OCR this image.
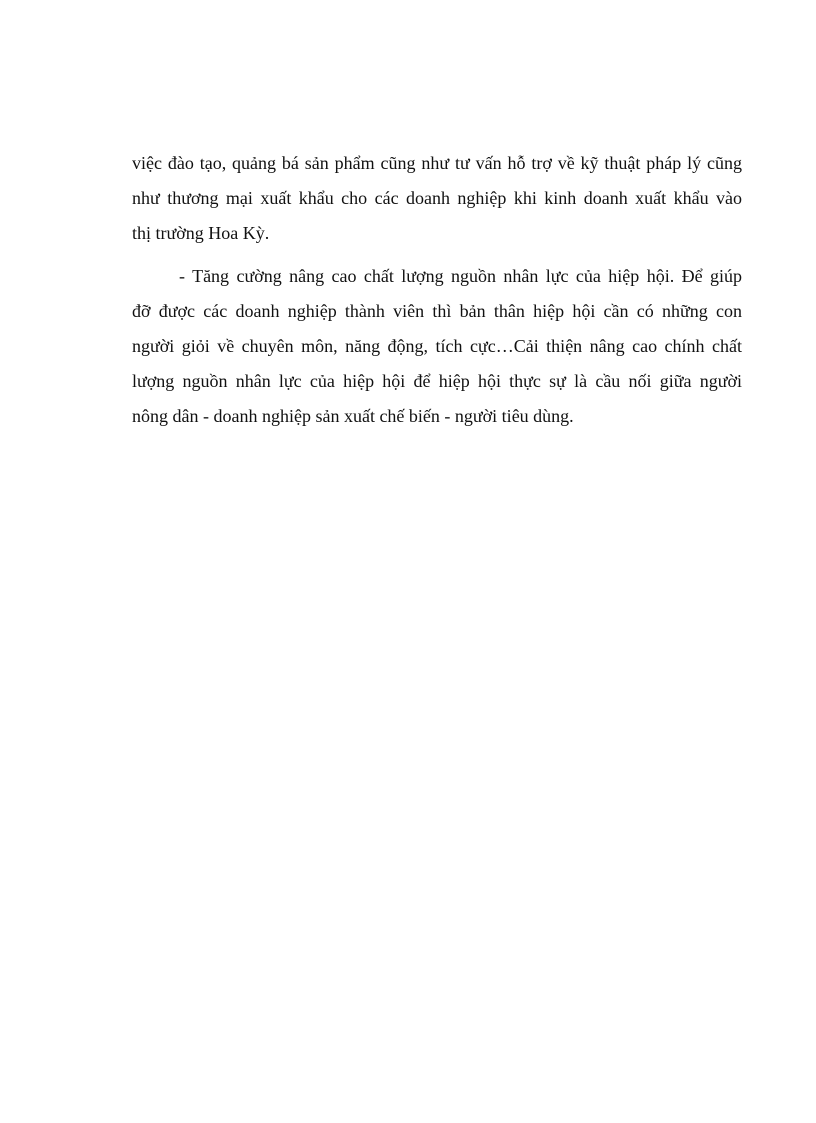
việc đào tạo, quảng bá sản phẩm cũng như tư vấn hỗ trợ về kỹ thuật pháp lý cũng
như thương mại xuất khẩu cho các doanh nghiệp khi kinh doanh xuất khẩu vào
thị trường Hoa Kỳ.
- Tăng cường nâng cao chất lượng nguồn nhân lực của hiệp hội. Để giúp
đỡ được các doanh nghiệp thành viên thì bản thân hiệp hội cần có những con
người giỏi về chuyên môn, năng động, tích cực…Cải thiện nâng cao chính chất
lượng nguồn nhân lực của hiệp hội để hiệp hội thực sự là cầu nối giữa người
nông dân - doanh nghiệp sản xuất chế biến - người tiêu dùng.
